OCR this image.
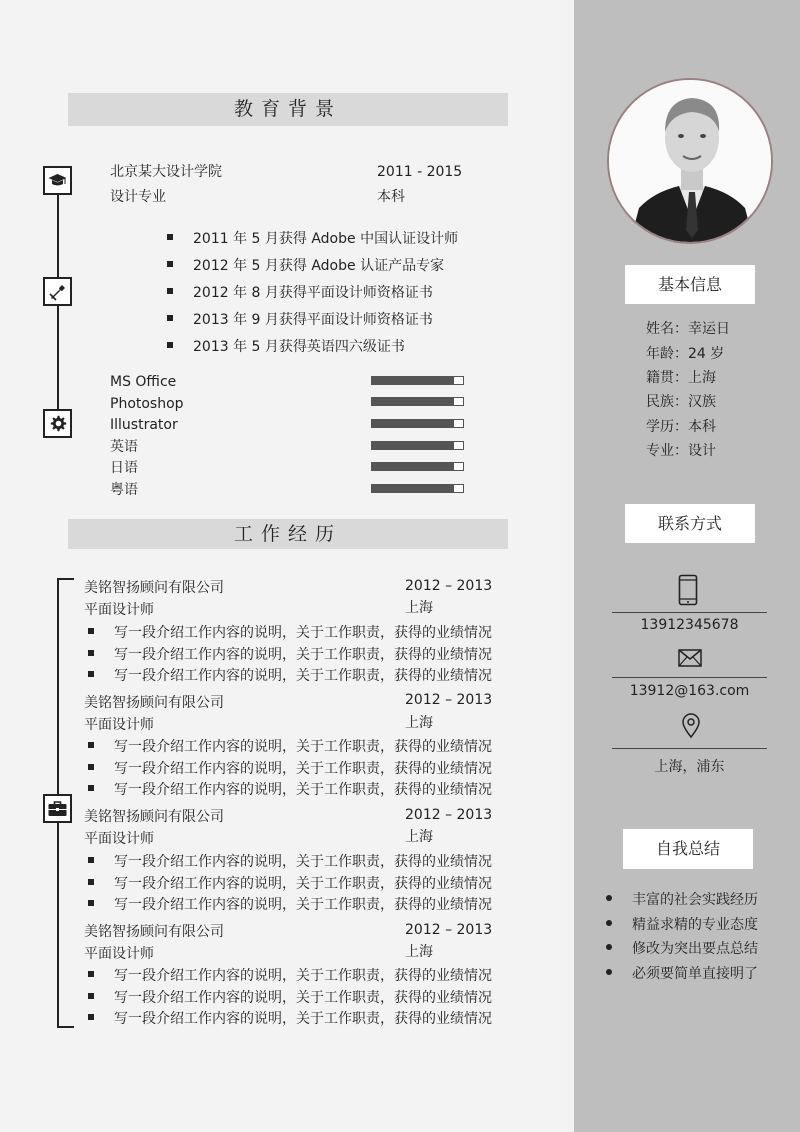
基本信息
姓名：幸运日
年龄：24 岁
籍贯：上海
民族：汉族
学历：本科
专业：设计
联系方式
13912345678
13912@163.com
上海，浦东
自我总结
丰富的社会实践经历
精益求精的专业态度
修改为突出要点总结
必须要简单直接明了
教育背景
北京某大设计学院	2011 - 2015
设计专业	本科
2011 年 5 月获得 Adobe 中国认证设计师
2012 年 5 月获得 Adobe 认证产品专家
2012 年 8 月获得平面设计师资格证书
2013 年 9 月获得平面设计师资格证书
2013 年 5 月获得英语四六级证书
MS Office
Photoshop
Illustrator
英语
日语
粤语
工作经历
美铭智扬顾问有限公司	2012 – 2013
平面设计师	上海
写一段介绍工作内容的说明，关于工作职责，获得的业绩情况
写一段介绍工作内容的说明，关于工作职责，获得的业绩情况
写一段介绍工作内容的说明，关于工作职责，获得的业绩情况
美铭智扬顾问有限公司	2012 – 2013
平面设计师	上海
写一段介绍工作内容的说明，关于工作职责，获得的业绩情况
写一段介绍工作内容的说明，关于工作职责，获得的业绩情况
写一段介绍工作内容的说明，关于工作职责，获得的业绩情况
美铭智扬顾问有限公司	2012 – 2013
平面设计师	上海
写一段介绍工作内容的说明，关于工作职责，获得的业绩情况
写一段介绍工作内容的说明，关于工作职责，获得的业绩情况
写一段介绍工作内容的说明，关于工作职责，获得的业绩情况
美铭智扬顾问有限公司	2012 – 2013
平面设计师	上海
写一段介绍工作内容的说明，关于工作职责，获得的业绩情况
写一段介绍工作内容的说明，关于工作职责，获得的业绩情况
写一段介绍工作内容的说明，关于工作职责，获得的业绩情况
